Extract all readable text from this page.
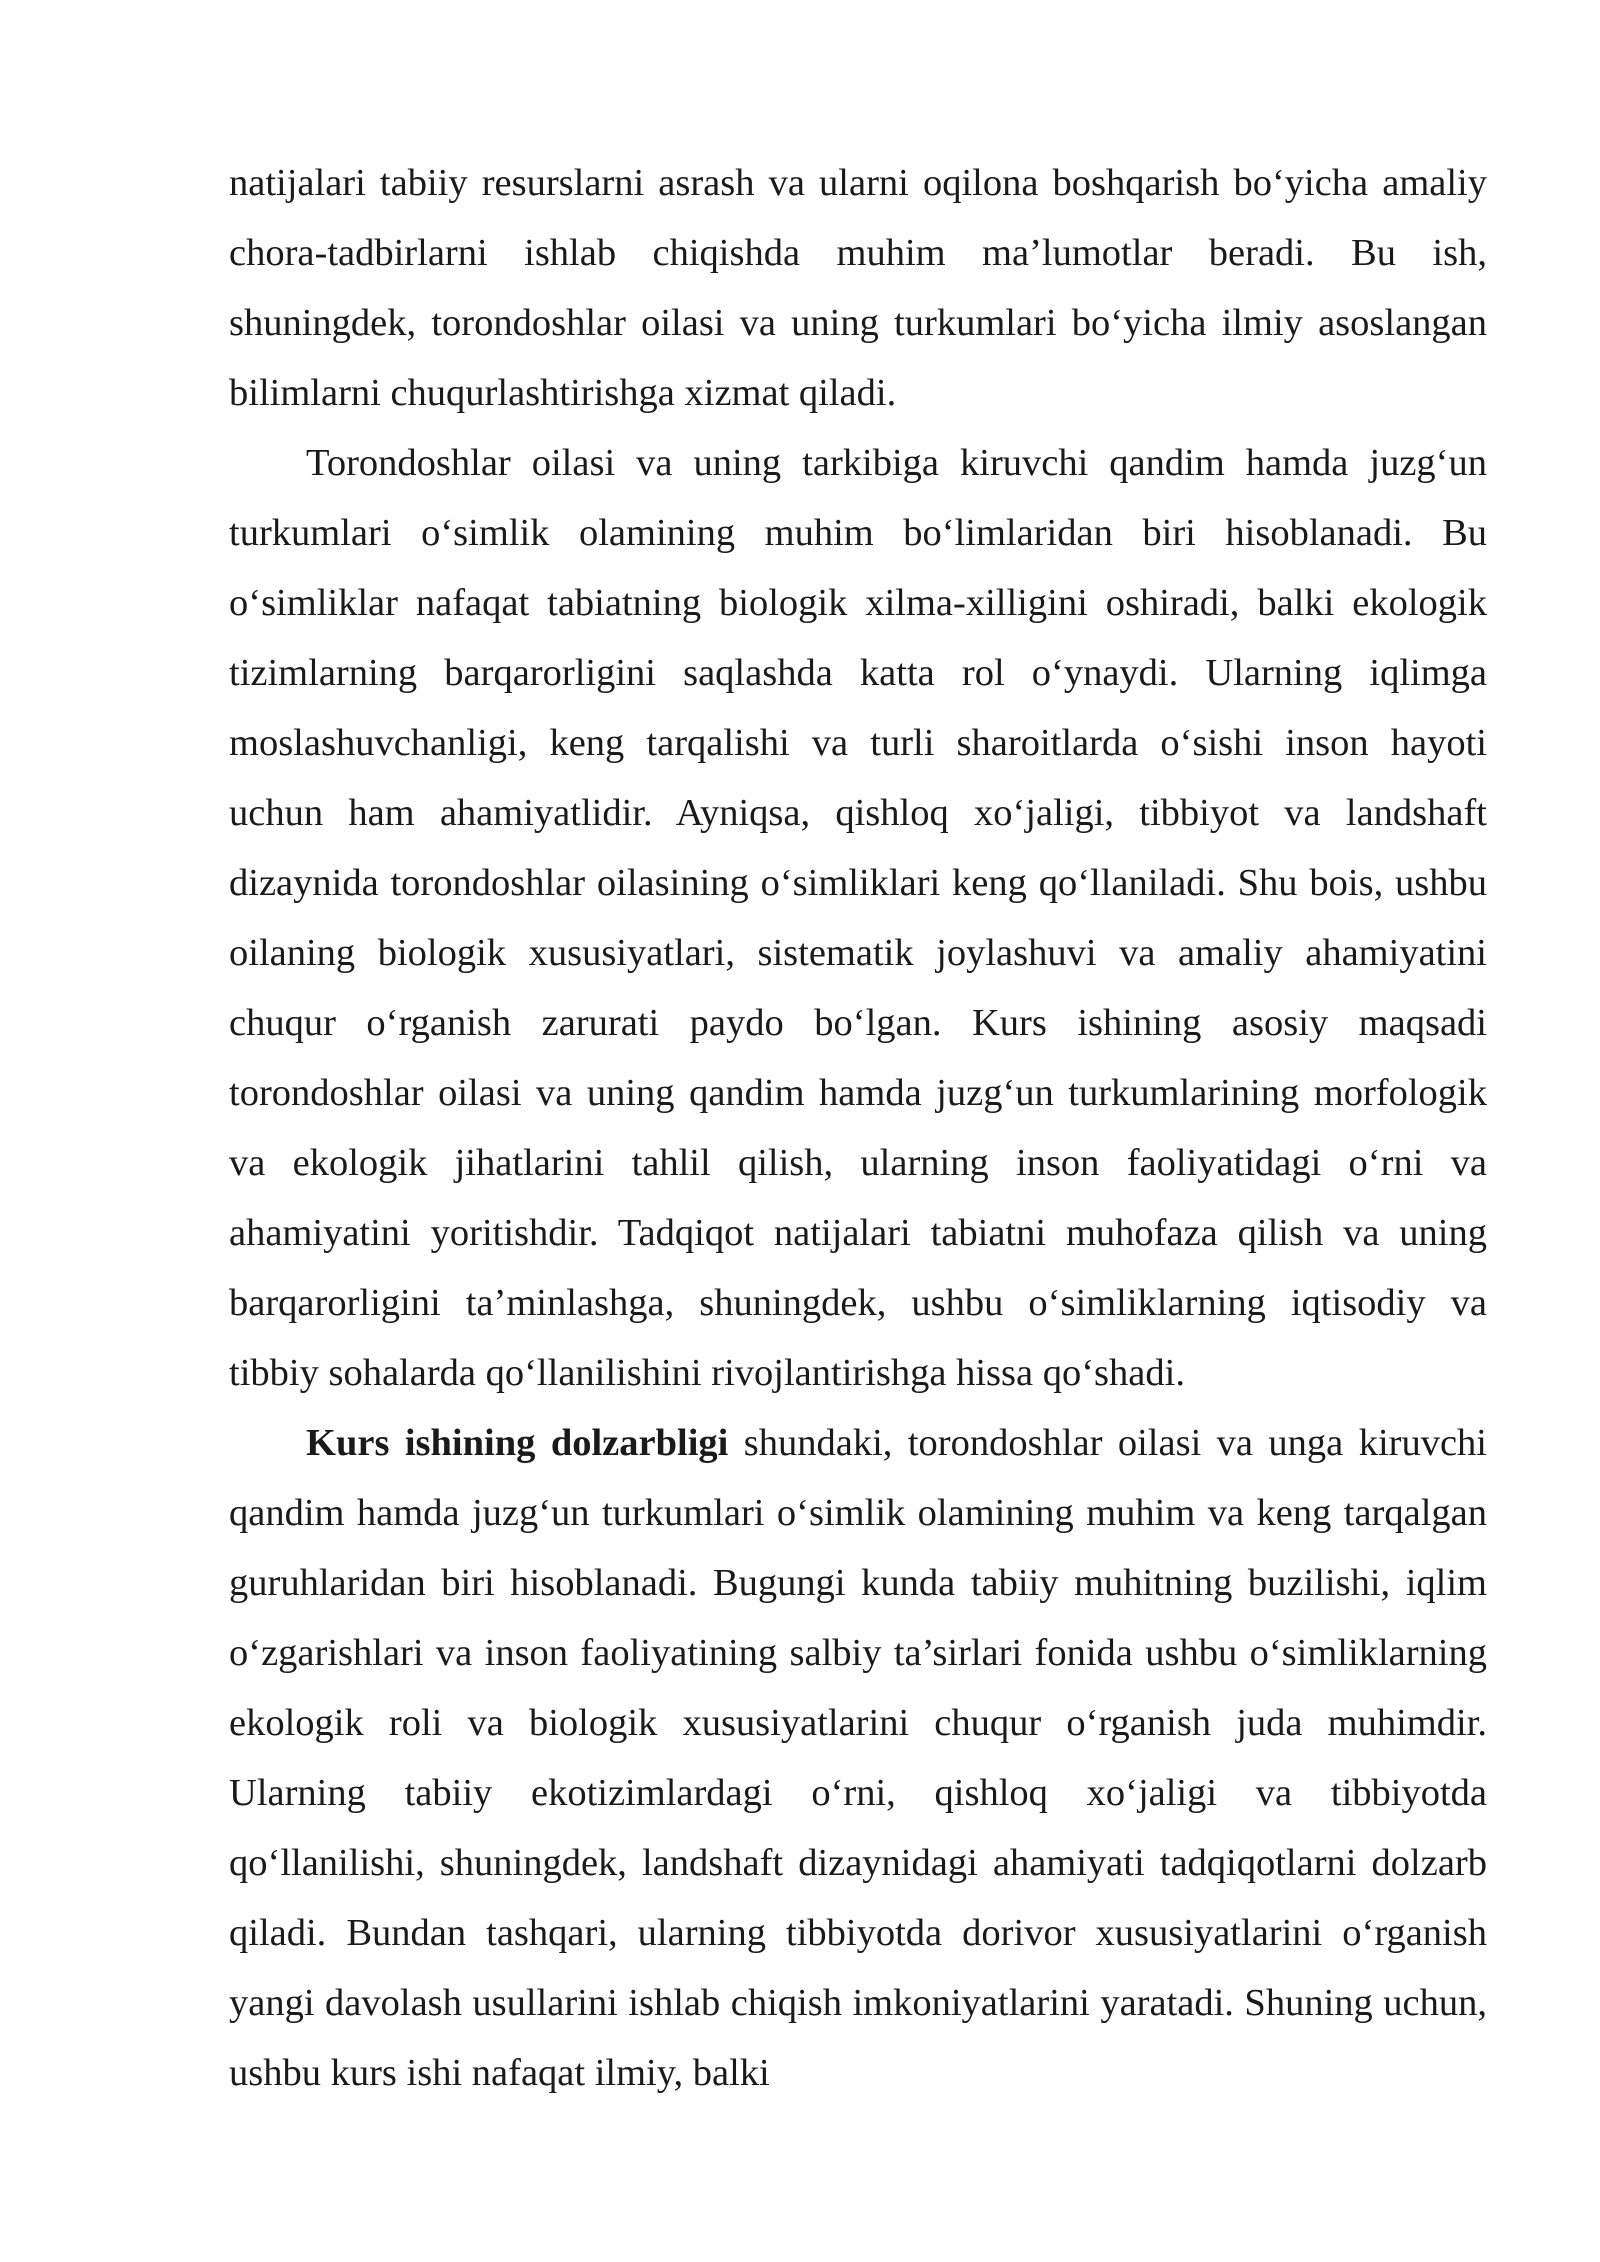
natijalari tabiiy resurslarni asrash va ularni oqilona boshqarish bo‘yicha amaliy chora-tadbirlarni ishlab chiqishda muhim ma’lumotlar beradi. Bu ish, shuningdek, torondoshlar oilasi va uning turkumlari bo‘yicha ilmiy asoslangan bilimlarni chuqurlashtirishga xizmat qiladi.

Torondoshlar oilasi va uning tarkibiga kiruvchi qandim hamda juzg‘un turkumlari o‘simlik olamining muhim bo‘limlaridan biri hisoblanadi. Bu o‘simliklar nafaqat tabiatning biologik xilma-xilligini oshiradi, balki ekologik tizimlarning barqarorligini saqlashda katta rol o‘ynaydi. Ularning iqlimga moslashuvchanligi, keng tarqalishi va turli sharoitlarda o‘sishi inson hayoti uchun ham ahamiyatlidir. Ayniqsa, qishloq xo‘jaligi, tibbiyot va landshaft dizaynida torondoshlar oilasining o‘simliklari keng qo‘llaniladi. Shu bois, ushbu oilaning biologik xususiyatlari, sistematik joylashuvi va amaliy ahamiyatini chuqur o‘rganish zarurati paydo bo‘lgan. Kurs ishining asosiy maqsadi torondoshlar oilasi va uning qandim hamda juzg‘un turkumlarining morfologik va ekologik jihatlarini tahlil qilish, ularning inson faoliyatidagi o‘rni va ahamiyatini yoritishdir. Tadqiqot natijalari tabiatni muhofaza qilish va uning barqarorligini ta’minlashga, shuningdek, ushbu o‘simliklarning iqtisodiy va tibbiy sohalarda qo‘llanilishini rivojlantirishga hissa qo‘shadi.

Kurs ishining dolzarbligi shundaki, torondoshlar oilasi va unga kiruvchi qandim hamda juzg‘un turkumlari o‘simlik olamining muhim va keng tarqalgan guruhlaridan biri hisoblanadi. Bugungi kunda tabiiy muhitning buzilishi, iqlim o‘zgarishlari va inson faoliyatining salbiy ta’sirlari fonida ushbu o‘simliklarning ekologik roli va biologik xususiyatlarini chuqur o‘rganish juda muhimdir. Ularning tabiiy ekotizimlardagi o‘rni, qishloq xo‘jaligi va tibbiyotda qo‘llanilishi, shuningdek, landshaft dizaynidagi ahamiyati tadqiqotlarni dolzarb qiladi. Bundan tashqari, ularning tibbiyotda dorivor xususiyatlarini o‘rganish yangi davolash usullarini ishlab chiqish imkoniyatlarini yaratadi. Shuning uchun, ushbu kurs ishi nafaqat ilmiy, balki
